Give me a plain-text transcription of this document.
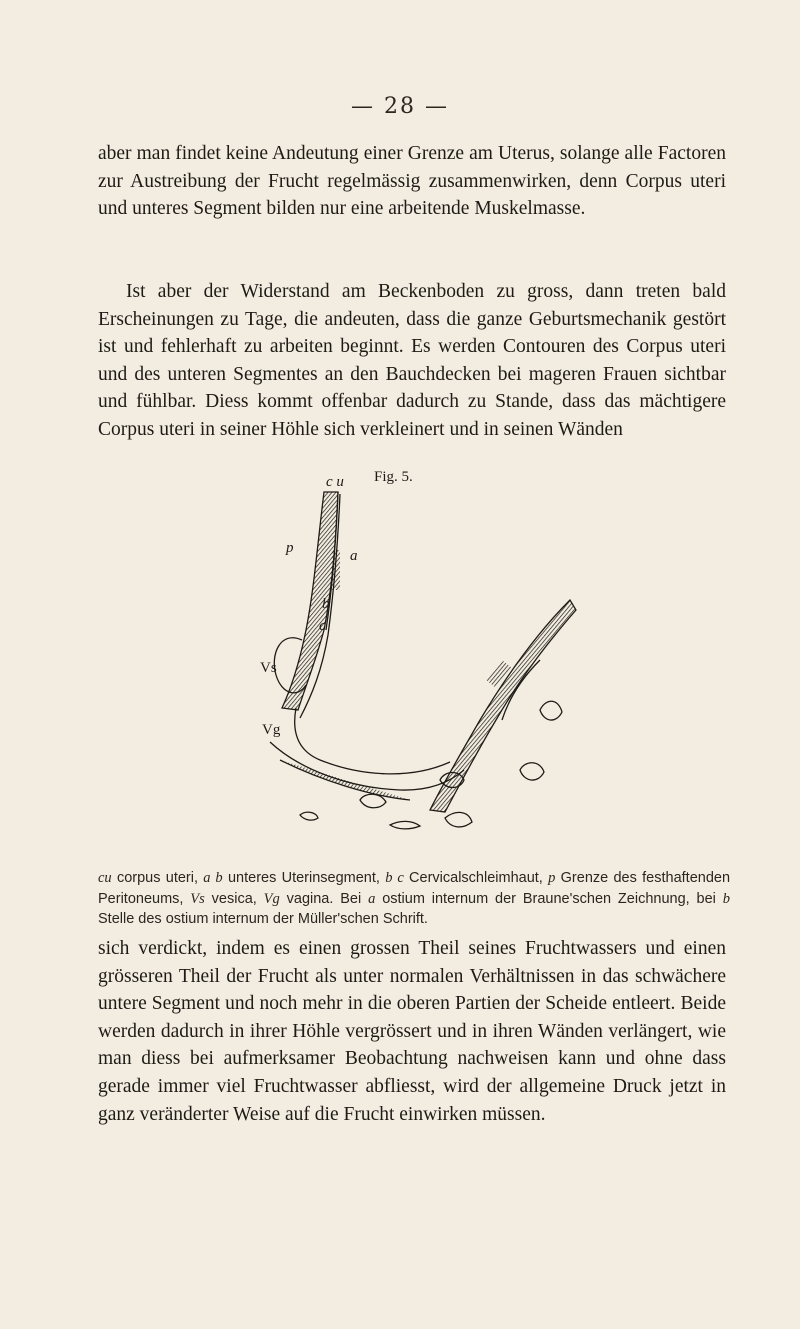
— 28 —

aber man findet keine Andeutung einer Grenze am Uterus, solange alle Factoren zur Austreibung der Frucht regelmässig zusammenwirken, denn Corpus uteri und unteres Segment bilden nur eine arbeitende Muskelmasse.

Ist aber der Widerstand am Beckenboden zu gross, dann treten bald Erscheinungen zu Tage, die andeuten, dass die ganze Geburtsmechanik gestört ist und fehlerhaft zu arbeiten beginnt. Es werden Contouren des Corpus uteri und des unteren Segmentes an den Bauchdecken bei mageren Frauen sichtbar und fühlbar. Diess kommt offenbar dadurch zu Stande, dass das mächtigere Corpus uteri in seiner Höhle sich verkleinert und in seinen Wänden

Fig. 5.
c u
p	a
Vs
Vg

cu corpus uteri, a b unteres Uterinsegment, b c Cervicalschleimhaut, p Grenze des festhaftenden Peritoneums, Vs vesica, Vg vagina. Bei a ostium internum der Braune'schen Zeichnung, bei b Stelle des ostium internum der Müller'schen Schrift.

sich verdickt, indem es einen grossen Theil seines Fruchtwassers und einen grösseren Theil der Frucht als unter normalen Verhältnissen in das schwächere untere Segment und noch mehr in die oberen Partien der Scheide entleert. Beide werden dadurch in ihrer Höhle vergrössert und in ihren Wänden verlängert, wie man diess bei aufmerksamer Beobachtung nachweisen kann und ohne dass gerade immer viel Fruchtwasser abfliesst, wird der allgemeine Druck jetzt in ganz veränderter Weise auf die Frucht einwirken müssen.
